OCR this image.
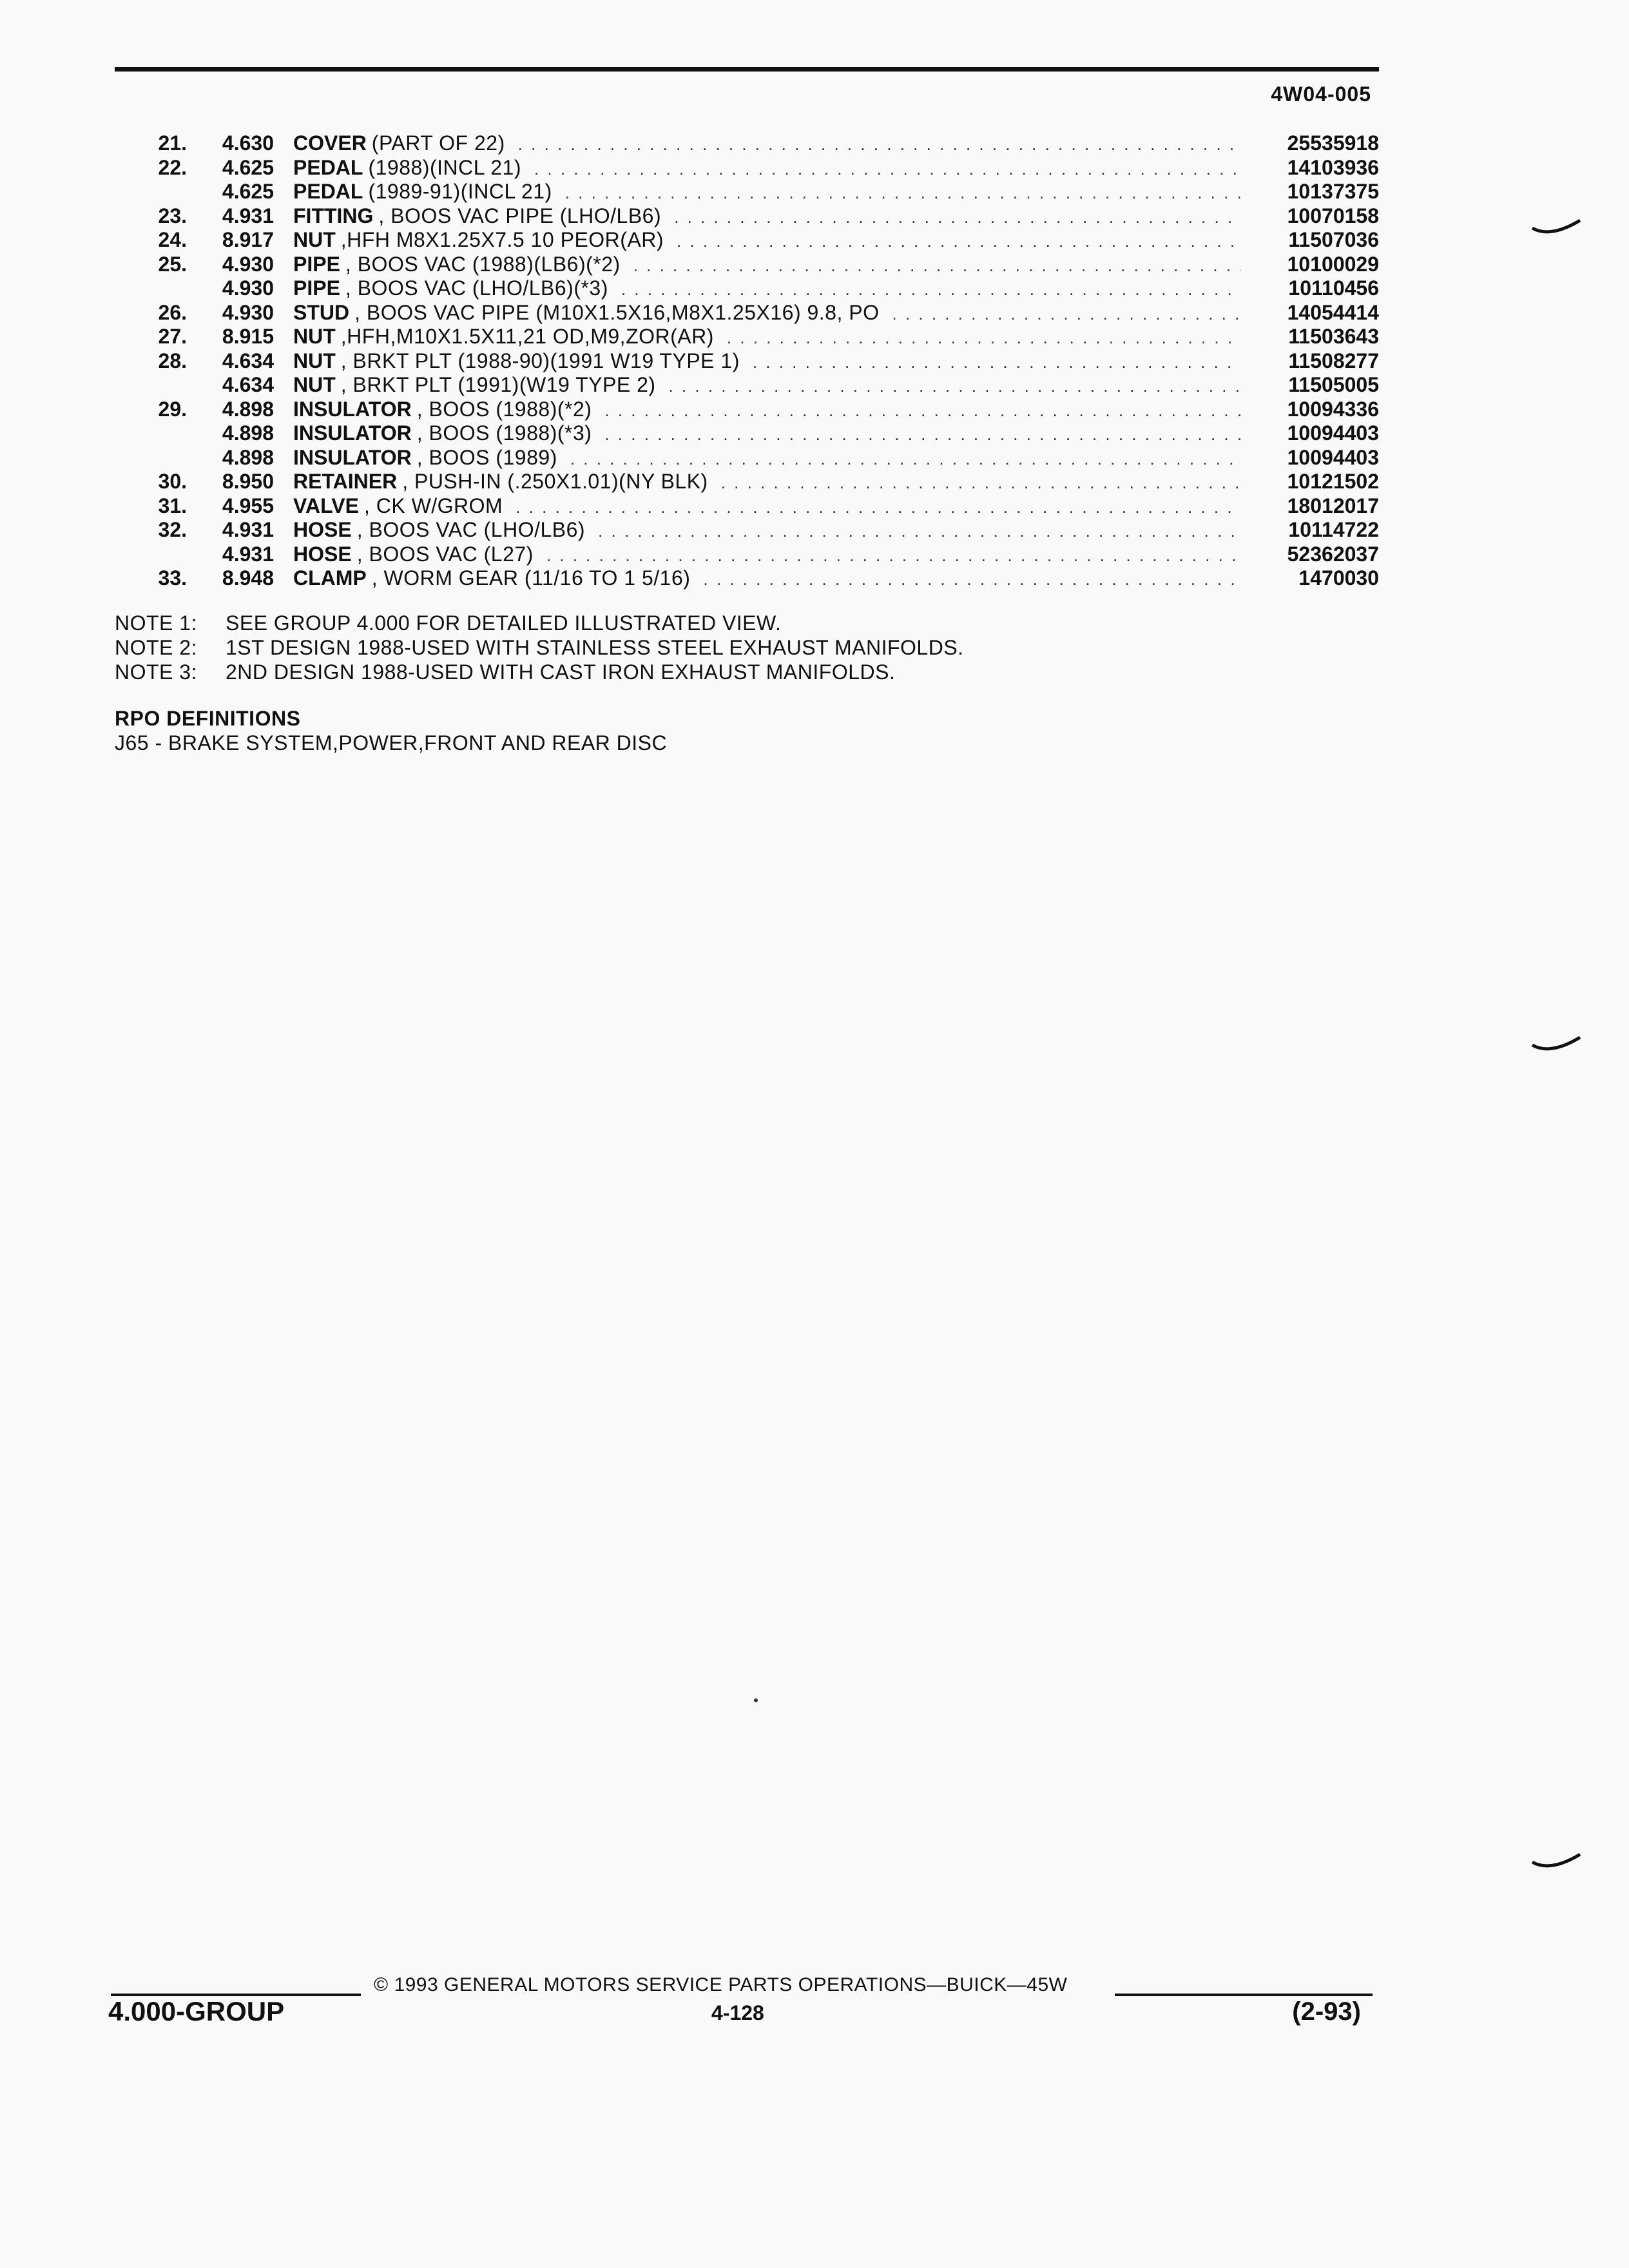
4W04-005
21.	4.630 COVER (PART OF 22) . . .	25535918
22.	4.625 PEDAL (1988)(INCL 21) . . .	14103936
4.625 PEDAL (1989-91)(INCL 21) . . .	10137375
23.	4.931 FITTING , BOOS VAC PIPE (LHO/LB6) . . .	10070158
24.	8.917 NUT ,HFH M8X1.25X7.5 10 PEOR(AR) . . .	11507036
25.	4.930 PIPE , BOOS VAC (1988)(LB6)(*2) . . .	10100029
4.930 PIPE , BOOS VAC (LHO/LB6)(*3) . . .	10110456
26.	4.930 STUD , BOOS VAC PIPE (M10X1.5X16,M8X1.25X16) 9.8, PO . . .	14054414
27.	8.915 NUT ,HFH,M10X1.5X11,21 OD,M9,ZOR(AR) . . .	11503643
28.	4.634 NUT , BRKT PLT (1988-90)(1991 W19 TYPE 1) . . .	11508277
4.634 NUT , BRKT PLT (1991)(W19 TYPE 2) . . .	11505005
29.	4.898 INSULATOR , BOOS (1988)(*2) . . .	10094336
4.898 INSULATOR , BOOS (1988)(*3) . . .	10094403
4.898 INSULATOR , BOOS (1989) . . .	10094403
30.	8.950 RETAINER , PUSH-IN (.250X1.01)(NY BLK) . . .	10121502
31.	4.955 VALVE , CK W/GROM . . .	18012017
32.	4.931 HOSE , BOOS VAC (LHO/LB6) . . .	10114722
4.931 HOSE , BOOS VAC (L27) . . .	52362037
33.	8.948 CLAMP , WORM GEAR (11/16 TO 1 5/16) . . .	1470030
NOTE 1: SEE GROUP 4.000 FOR DETAILED ILLUSTRATED VIEW.
NOTE 2: 1ST DESIGN 1988-USED WITH STAINLESS STEEL EXHAUST MANIFOLDS.
NOTE 3: 2ND DESIGN 1988-USED WITH CAST IRON EXHAUST MANIFOLDS.
RPO DEFINITIONS
J65 - BRAKE SYSTEM,POWER,FRONT AND REAR DISC
© 1993 GENERAL MOTORS SERVICE PARTS OPERATIONS—BUICK—45W
4.000-GROUP	4-128	(2-93)
